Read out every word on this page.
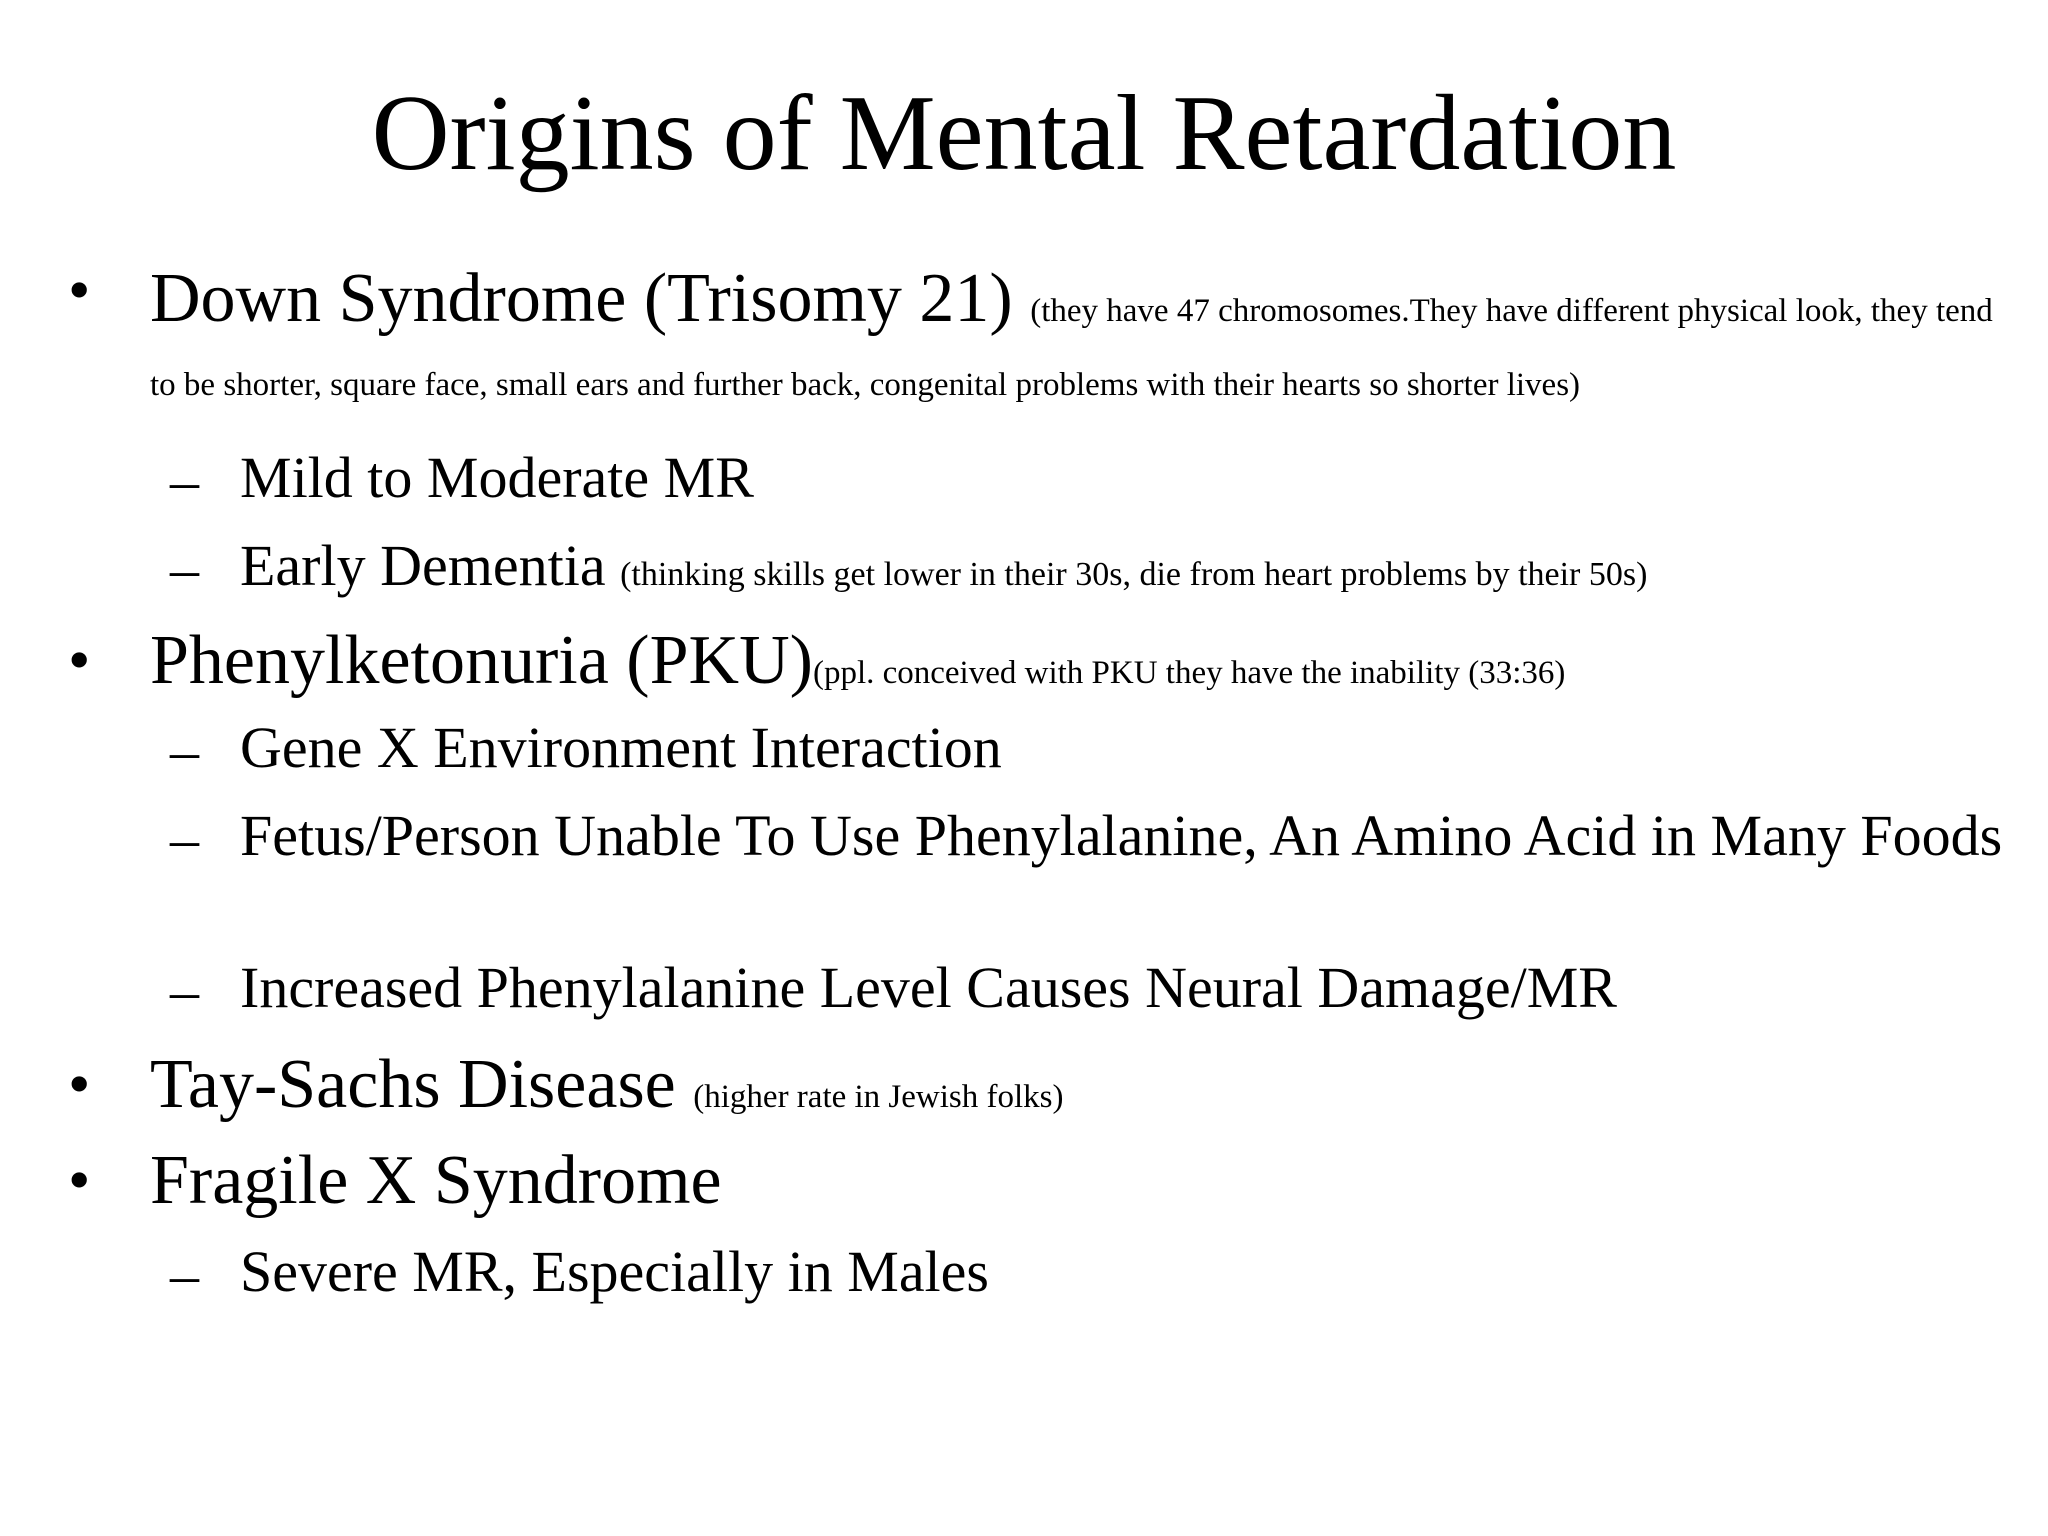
Origins of Mental Retardation
• Down Syndrome (Trisomy 21) (they have 47 chromosomes.They have different physical look, they tend to be shorter, square face, small ears and further back, congenital problems with their hearts so shorter lives)
– Mild to Moderate MR
– Early Dementia (thinking skills get lower in their 30s, die from heart problems by their 50s)
• Phenylketonuria (PKU)(ppl. conceived with PKU they have the inability (33:36)
– Gene X Environment Interaction
– Fetus/Person Unable To Use Phenylalanine, An Amino Acid in Many Foods
– Increased Phenylalanine Level Causes Neural Damage/MR
• Tay-Sachs Disease (higher rate in Jewish folks)
• Fragile X Syndrome
– Severe MR, Especially in Males
